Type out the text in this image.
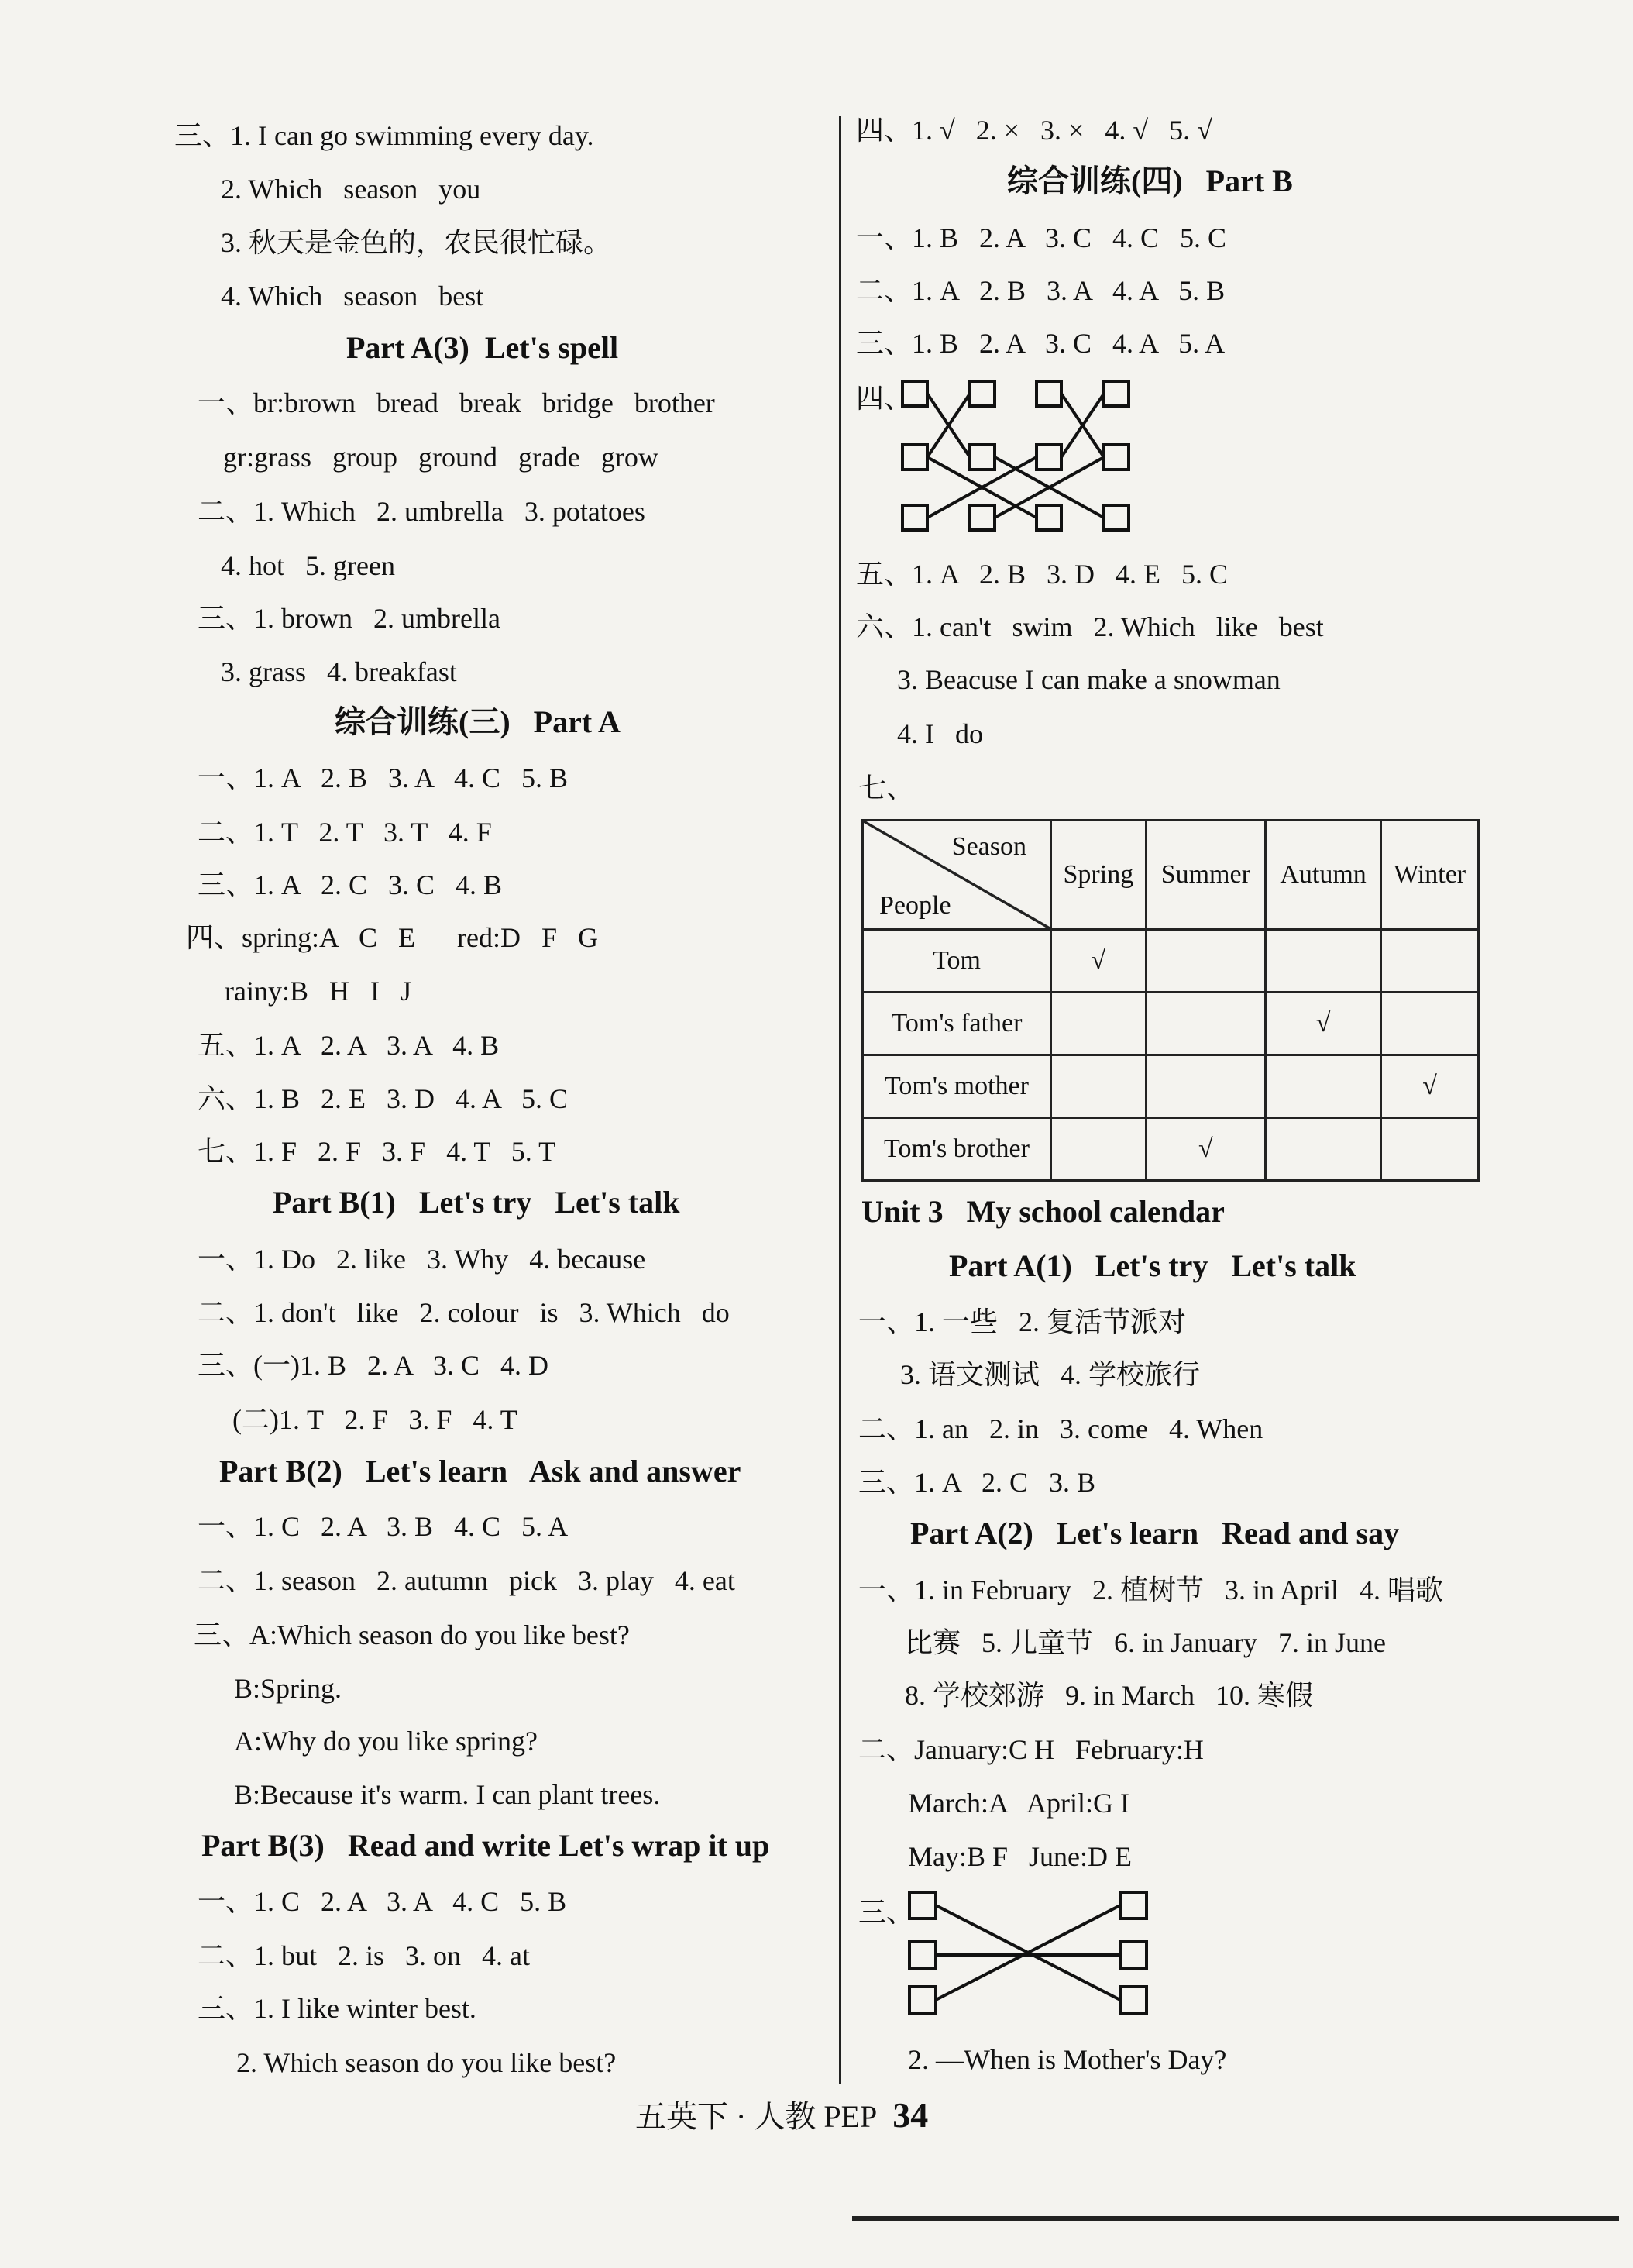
三、1. I can go swimming every day.
2. Which   season   you
3. 秋天是金色的，农民很忙碌。
4. Which   season   best
Part A(3)  Let's spell
一、br:brown   bread   break   bridge   brother
gr:grass   group   ground   grade   grow
二、1. Which   2. umbrella   3. potatoes
4. hot   5. green
三、1. brown   2. umbrella
3. grass   4. breakfast
综合训练(三)   Part A
一、1. A   2. B   3. A   4. C   5. B
二、1. T   2. T   3. T   4. F
三、1. A   2. C   3. C   4. B
四、spring:A   C   E      red:D   F   G
rainy:B   H   I   J
五、1. A   2. A   3. A   4. B
六、1. B   2. E   3. D   4. A   5. C
七、1. F   2. F   3. F   4. T   5. T
Part B(1)   Let's try   Let's talk
一、1. Do   2. like   3. Why   4. because
二、1. don't   like   2. colour   is   3. Which   do
三、(一)1. B   2. A   3. C   4. D
(二)1. T   2. F   3. F   4. T
Part B(2)   Let's learn   Ask and answer
一、1. C   2. A   3. B   4. C   5. A
二、1. season   2. autumn   pick   3. play   4. eat
三、A:Which season do you like best?
B:Spring.
A:Why do you like spring?
B:Because it's warm. I can plant trees.
Part B(3)   Read and write Let's wrap it up
一、1. C   2. A   3. A   4. C   5. B
二、1. but   2. is   3. on   4. at
三、1. I like winter best.
2. Which season do you like best?
四、1. √   2. ×   3. ×   4. √   5. √
综合训练(四)   Part B
一、1. B   2. A   3. C   4. C   5. C
二、1. A   2. B   3. A   4. A   5. B
三、1. B   2. A   3. C   4. A   5. A
四、
五、1. A   2. B   3. D   4. E   5. C
六、1. can't   swim   2. Which   like   best
3. Beacuse I can make a snowman
4. I   do
七、
Season
People	Spring	Summer	Autumn	Winter
Tom	√			
Tom's father			√	
Tom's mother				√
Tom's brother		√		
Unit 3   My school calendar
Part A(1)   Let's try   Let's talk
一、1. 一些   2. 复活节派对
3. 语文测试   4. 学校旅行
二、1. an   2. in   3. come   4. When
三、1. A   2. C   3. B
Part A(2)   Let's learn   Read and say
一、1. in February   2. 植树节   3. in April   4. 唱歌
比赛   5. 儿童节   6. in January   7. in June
8. 学校郊游   9. in March   10. 寒假
二、January:C H   February:H
March:A   April:G I
May:B F   June:D E
三、
2. —When is Mother's Day?
五英下 · 人教 PEP 34
